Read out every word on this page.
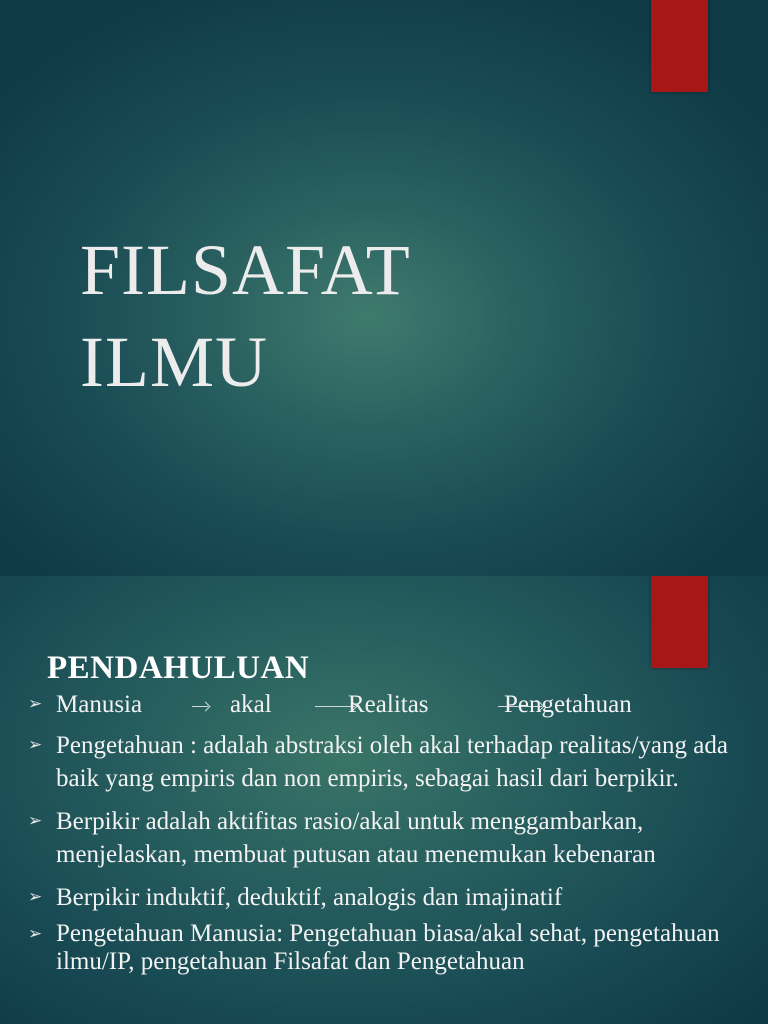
FILSAFAT
ILMU
PENDAHULUAN
➢ Manusia	akal	Realitas	Pengetahuan
➢ Pengetahuan : adalah abstraksi oleh akal terhadap realitas/yang ada baik yang empiris dan non empiris, sebagai hasil dari berpikir.
➢ Berpikir adalah aktifitas rasio/akal untuk menggambarkan, menjelaskan, membuat putusan atau menemukan kebenaran
➢ Berpikir induktif, deduktif, analogis dan imajinatif
➢ Pengetahuan Manusia: Pengetahuan biasa/akal sehat, pengetahuan ilmu/IP, pengetahuan Filsafat dan Pengetahuan
